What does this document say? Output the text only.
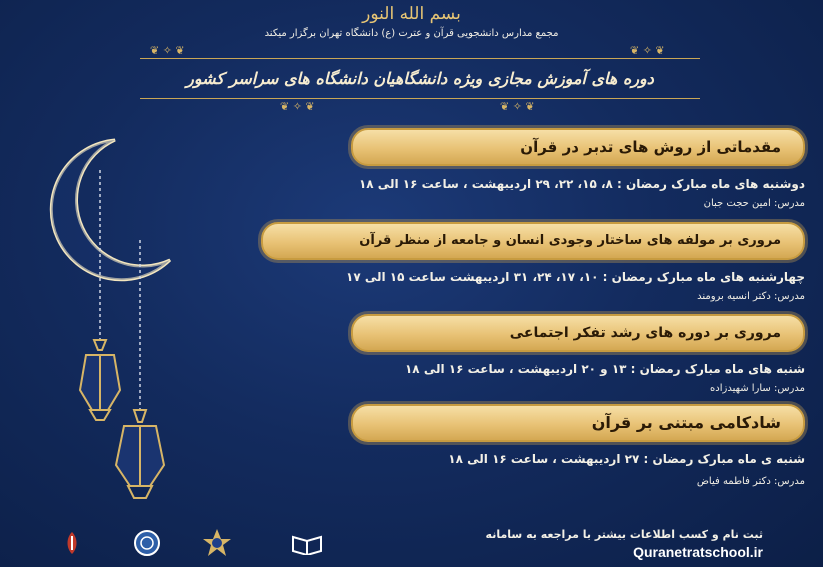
بسم الله النور
مجمع مدارس دانشجویی قرآن و عترت (ع) دانشگاه تهران برگزار میکند
❦ ✧ ❦	❦ ✧ ❦
❦ ✧ ❦	❦ ✧ ❦
دوره های آموزش مجازی ویژه دانشگاهیان دانشگاه های سراسر کشور
مقدماتی از روش های تدبر در قرآن
دوشنبه های ماه مبارک رمضان : ۸، ۱۵، ۲۲، ۲۹ اردیبهشت ، ساعت ۱۶ الی ۱۸
مدرس: امین حجت جبان
مروری بر مولفه های ساختار وجودی انسان و جامعه از منظر قرآن
چهارشنبه های ماه مبارک رمضان : ۱۰، ۱۷، ۲۴، ۳۱ اردیبهشت ساعت ۱۵ الی ۱۷
مدرس: دکتر انسیه برومند
مروری بر دوره های رشد تفکر اجتماعی
شنبه های ماه مبارک رمضان : ۱۳ و ۲۰ اردیبهشت ، ساعت ۱۶ الی ۱۸
مدرس: سارا شهیدزاده
شادکامی مبتنی بر قرآن
شنبه ی ماه مبارک رمضان : ۲۷ اردیبهشت ، ساعت ۱۶ الی ۱۸
مدرس: دکتر فاطمه فیاض
ثبت نام و کسب اطلاعات بیشتر با مراجعه به سامانه
Quranetratschool.ir
